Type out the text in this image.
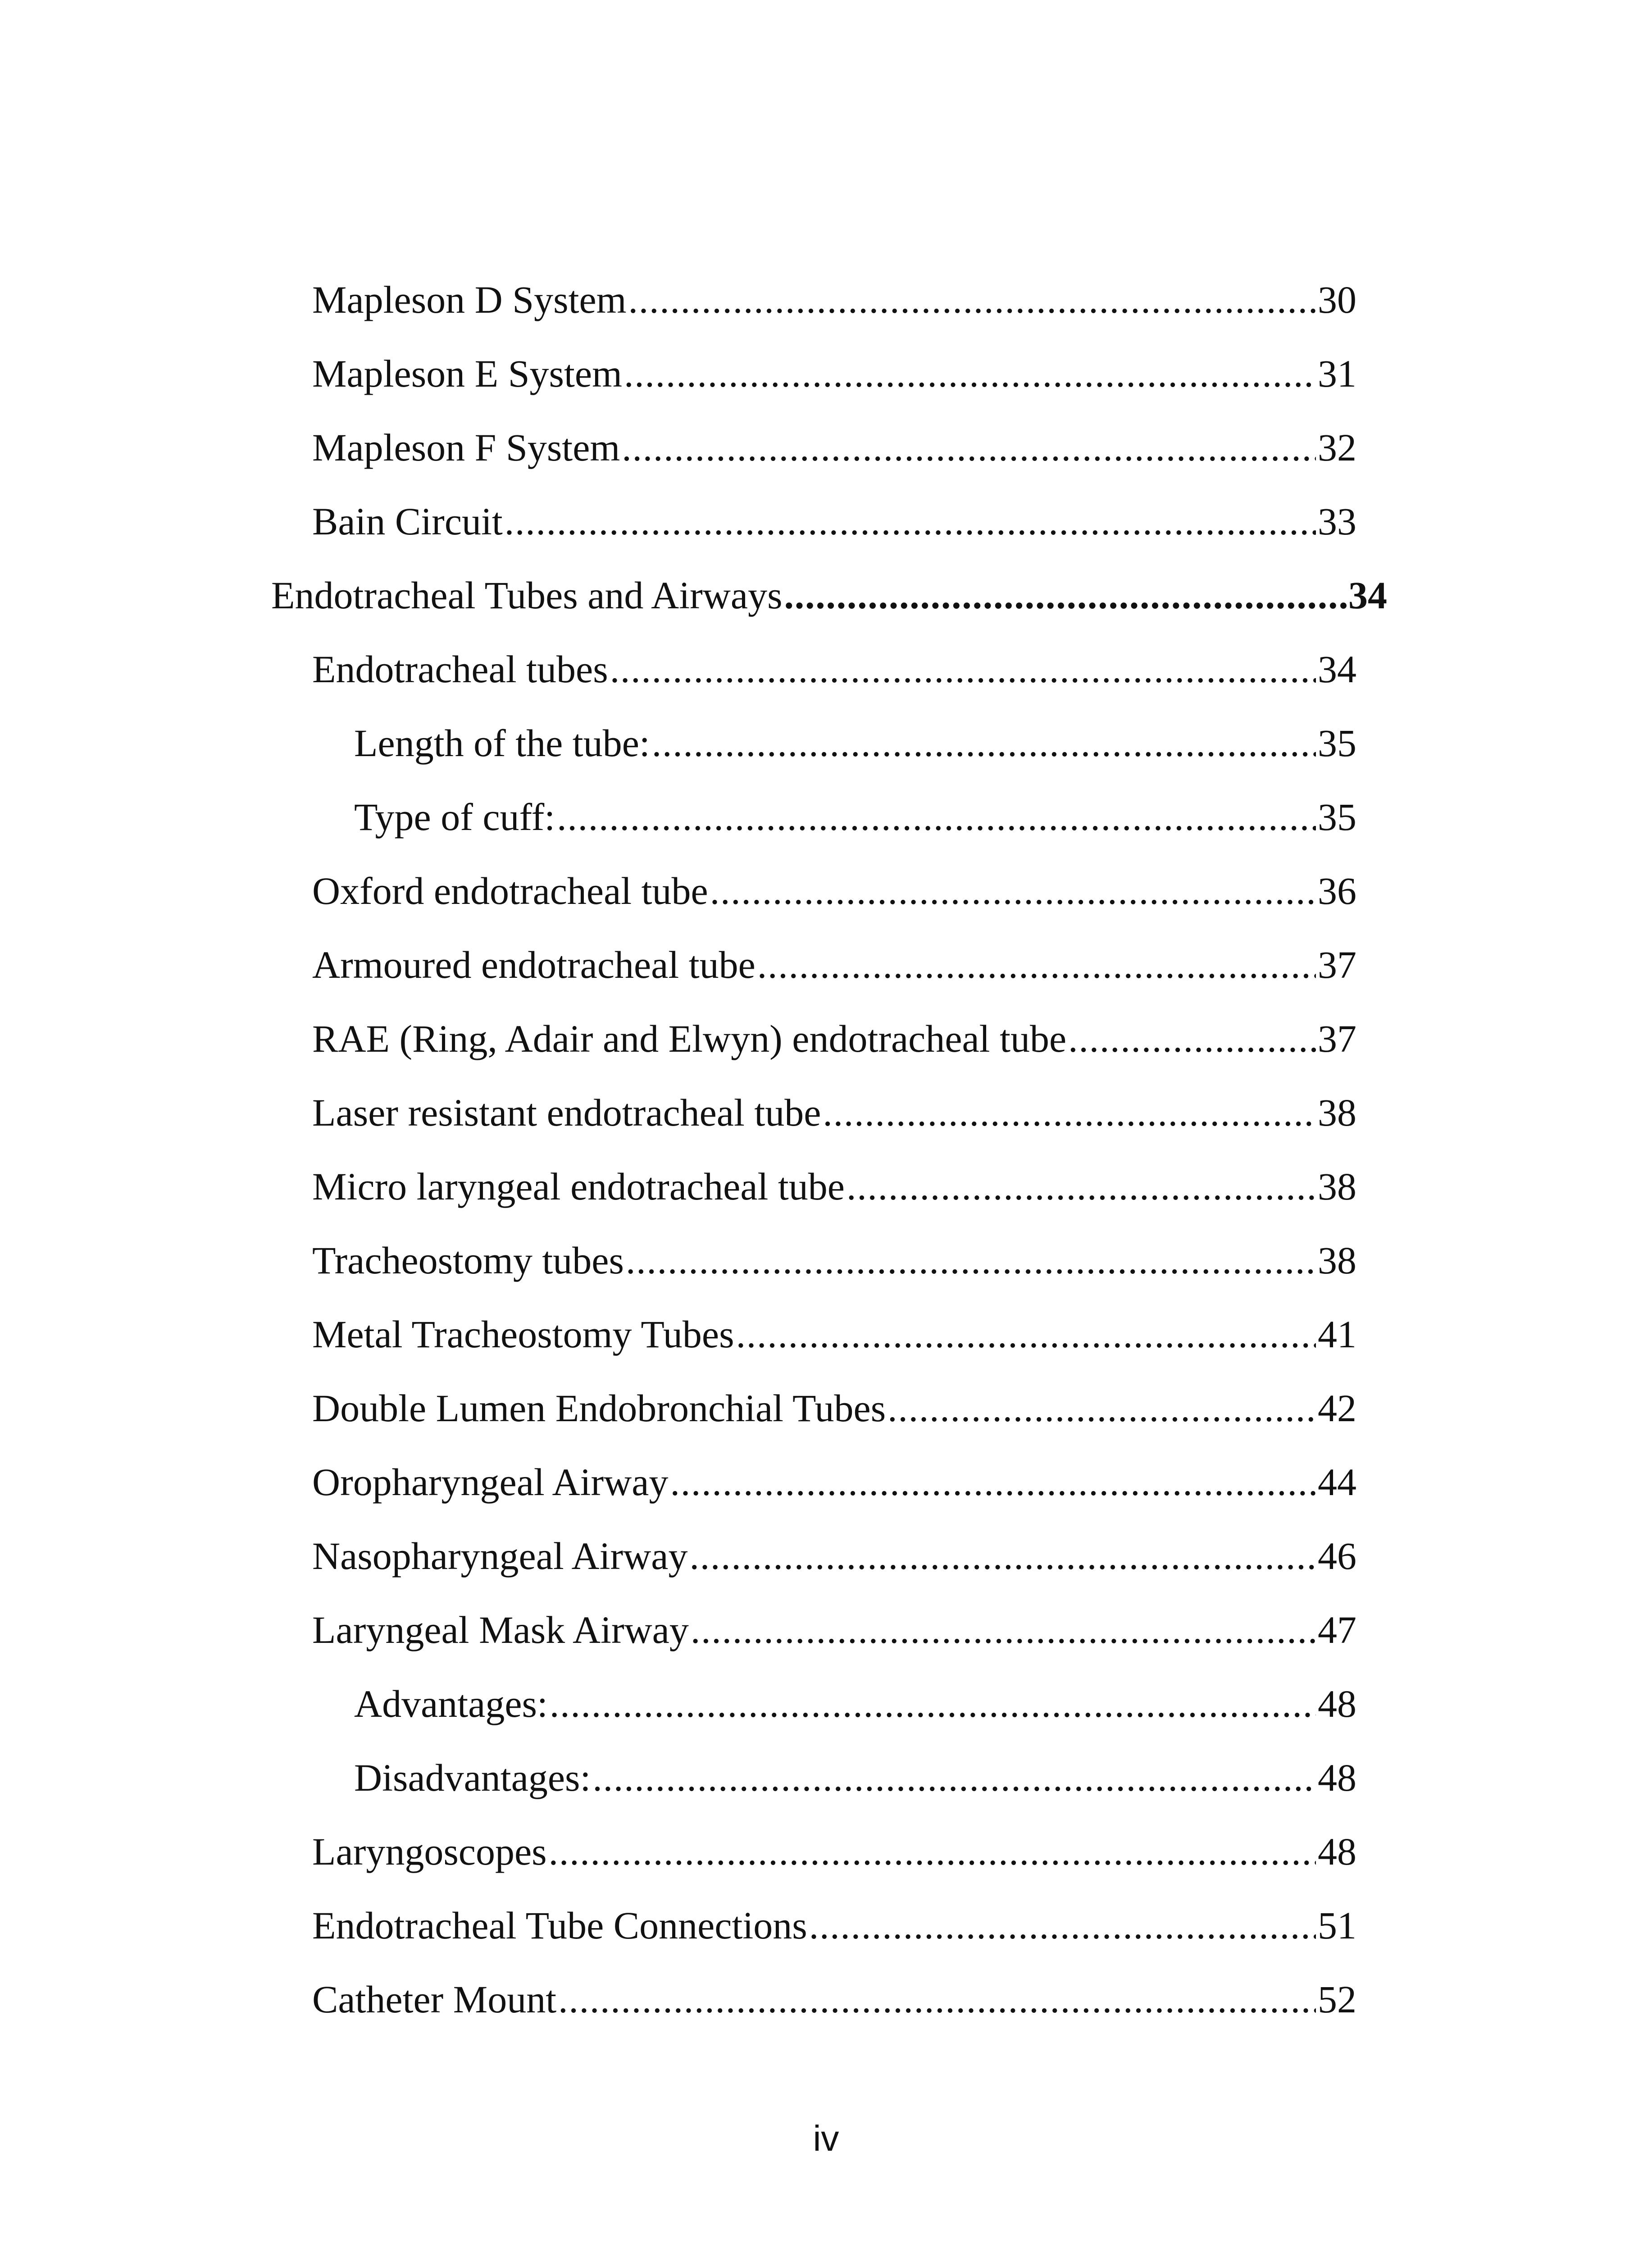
Mapleson D System .....	30
Mapleson E System .....	31
Mapleson F System .....	32
Bain Circuit .....	33
Endotracheal Tubes and Airways .....	34
Endotracheal tubes .....	34
Length of the tube: .....	35
Type of cuff: .....	35
Oxford endotracheal tube .....	36
Armoured endotracheal tube .....	37
RAE (Ring, Adair and Elwyn) endotracheal tube .....	37
Laser resistant endotracheal tube .....	38
Micro laryngeal endotracheal tube .....	38
Tracheostomy tubes .....	38
Metal Tracheostomy Tubes .....	41
Double Lumen Endobronchial Tubes .....	42
Oropharyngeal Airway .....	44
Nasopharyngeal Airway .....	46
Laryngeal Mask Airway .....	47
Advantages: .....	48
Disadvantages: .....	48
Laryngoscopes .....	48
Endotracheal Tube Connections .....	51
Catheter Mount .....	52
iv
